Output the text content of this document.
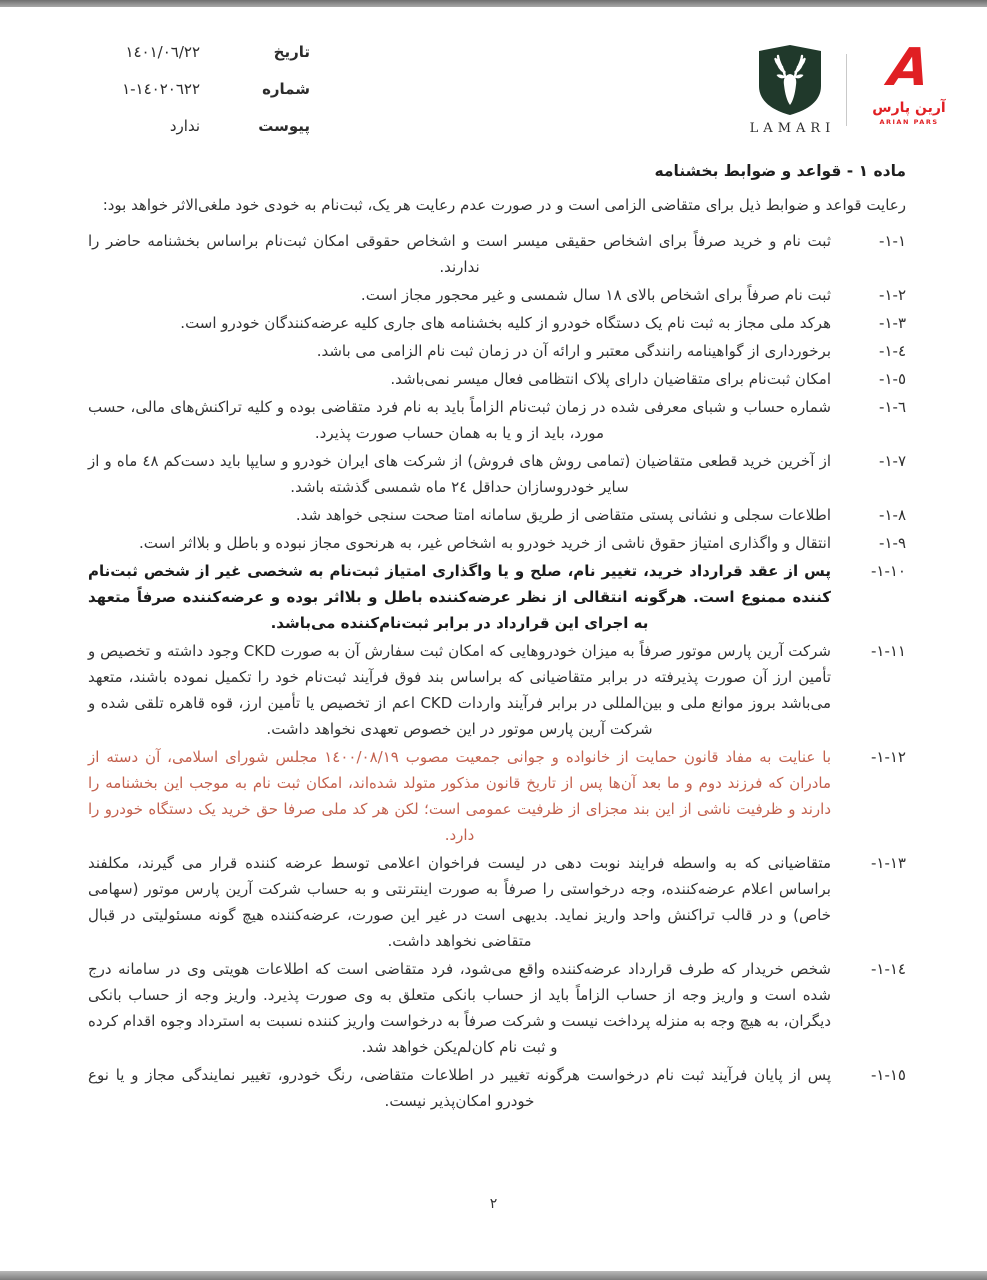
تاریخ
١٤٠١/٠٦/٢٢
شماره
١٤٠٢٠٦٢٢-١
پیوست
ندارد	LAMARI
A
آرین پارس
ARIAN PARS
ماده ١ - قواعد و ضوابط بخشنامه
رعایت قواعد و ضوابط ذیل برای متقاضی الزامی است و در صورت عدم رعایت هر یک، ثبت‌نام به خودی خود ملغی‌الاثر خواهد بود:
١-١-
ثبت نام و خرید صرفاً برای اشخاص حقیقی میسر است و اشخاص حقوقی امکان ثبت‌نام براساس بخشنامه حاضر را ندارند.
٢-١-
ثبت نام صرفاً برای اشخاص بالای ١٨ سال شمسی و غیر محجور مجاز است.
٣-١-
هرکد ملی مجاز به ثبت نام یک دستگاه خودرو از کلیه بخشنامه های جاری کلیه عرضه‌کنندگان خودرو است.
٤-١-
برخورداری از گواهینامه رانندگی معتبر و ارائه آن در زمان ثبت نام الزامی می باشد.
٥-١-
امکان ثبت‌نام برای متقاضیان دارای پلاک انتظامی فعال میسر نمی‌باشد.
٦-١-
شماره حساب و شبای معرفی شده در زمان ثبت‌نام الزاماً باید به نام فرد متقاضی بوده و کلیه تراکنش‌های مالی، حسب مورد، باید از و یا به همان حساب صورت پذیرد.
٧-١-
از آخرین خرید قطعی متقاضیان (تمامی روش های فروش) از شرکت های ایران خودرو و سایپا باید دست‌کم ٤٨ ماه و از سایر خودروسازان حداقل ٢٤ ماه شمسی گذشته باشد.
٨-١-
اطلاعات سجلی و نشانی پستی متقاضی از طریق سامانه امتا صحت سنجی خواهد شد.
٩-١-
انتقال و واگذاری امتیاز حقوق ناشی از خرید خودرو به اشخاص غیر، به هرنحوی مجاز نبوده و باطل و بلااثر است.
١٠-١-
پس از عقد قرارداد خرید، تغییر نام، صلح و یا واگذاری امتیاز ثبت‌نام به شخصی غیر از شخص ثبت‌نام کننده ممنوع است. هرگونه انتقالی از نظر عرضه‌کننده باطل و بلااثر بوده و عرضه‌کننده صرفاً متعهد به اجرای این قرارداد در برابر ثبت‌نام‌کننده می‌باشد.
١١-١-
شرکت آرین پارس موتور صرفاً به میزان خودروهایی که امکان ثبت سفارش آن به صورت CKD وجود داشته و تخصیص و تأمین ارز آن صورت پذیرفته در برابر متقاضیانی که براساس بند فوق فرآیند ثبت‌نام خود را تکمیل نموده باشند، متعهد می‌باشد بروز موانع ملی و بین‌المللی در برابر فرآیند واردات CKD اعم از تخصیص یا تأمین ارز، قوه قاهره تلقی شده و شرکت آرین پارس موتور در این خصوص تعهدی نخواهد داشت.
١٢-١-
با عنایت به مفاد قانون حمایت از خانواده و جوانی جمعیت مصوب ١٤٠٠/٠٨/١٩ مجلس شورای اسلامی، آن دسته از مادران که فرزند دوم و ما بعد آن‌ها پس از تاریخ قانون مذکور متولد شده‌اند، امکان ثبت نام به موجب این بخشنامه را دارند و ظرفیت ناشی از این بند مجزای از ظرفیت عمومی است؛ لکن هر کد ملی صرفا حق خرید یک دستگاه خودرو را دارد.
١٣-١-
متقاضیانی که به واسطه فرایند نوبت دهی در لیست فراخوان اعلامی توسط عرضه کننده قرار می گیرند، مکلفند براساس اعلام عرضه‌کننده، وجه درخواستی را صرفاً به صورت اینترنتی و به حساب شرکت آرین پارس موتور (سهامی خاص) و در قالب تراکنش واحد واریز نماید. بدیهی است در غیر این صورت، عرضه‌کننده هیچ گونه مسئولیتی در قبال متقاضی نخواهد داشت.
١٤-١-
شخص خریدار که طرف قرارداد عرضه‌کننده واقع می‌شود، فرد متقاضی است که اطلاعات هویتی وی در سامانه درج شده است و واریز وجه از حساب الزاماً باید از حساب بانکی متعلق به وی صورت پذیرد. واریز وجه از حساب بانکی دیگران، به هیچ وجه به منزله پرداخت نیست و شرکت صرفاً به درخواست واریز کننده نسبت به استرداد وجوه اقدام کرده و ثبت نام کان‌لم‌یکن خواهد شد.
١٥-١-
پس از پایان فرآیند ثبت نام درخواست هرگونه تغییر در اطلاعات متقاضی، رنگ خودرو، تغییر نمایندگی مجاز و یا نوع خودرو امکان‌پذیر نیست.
٢
